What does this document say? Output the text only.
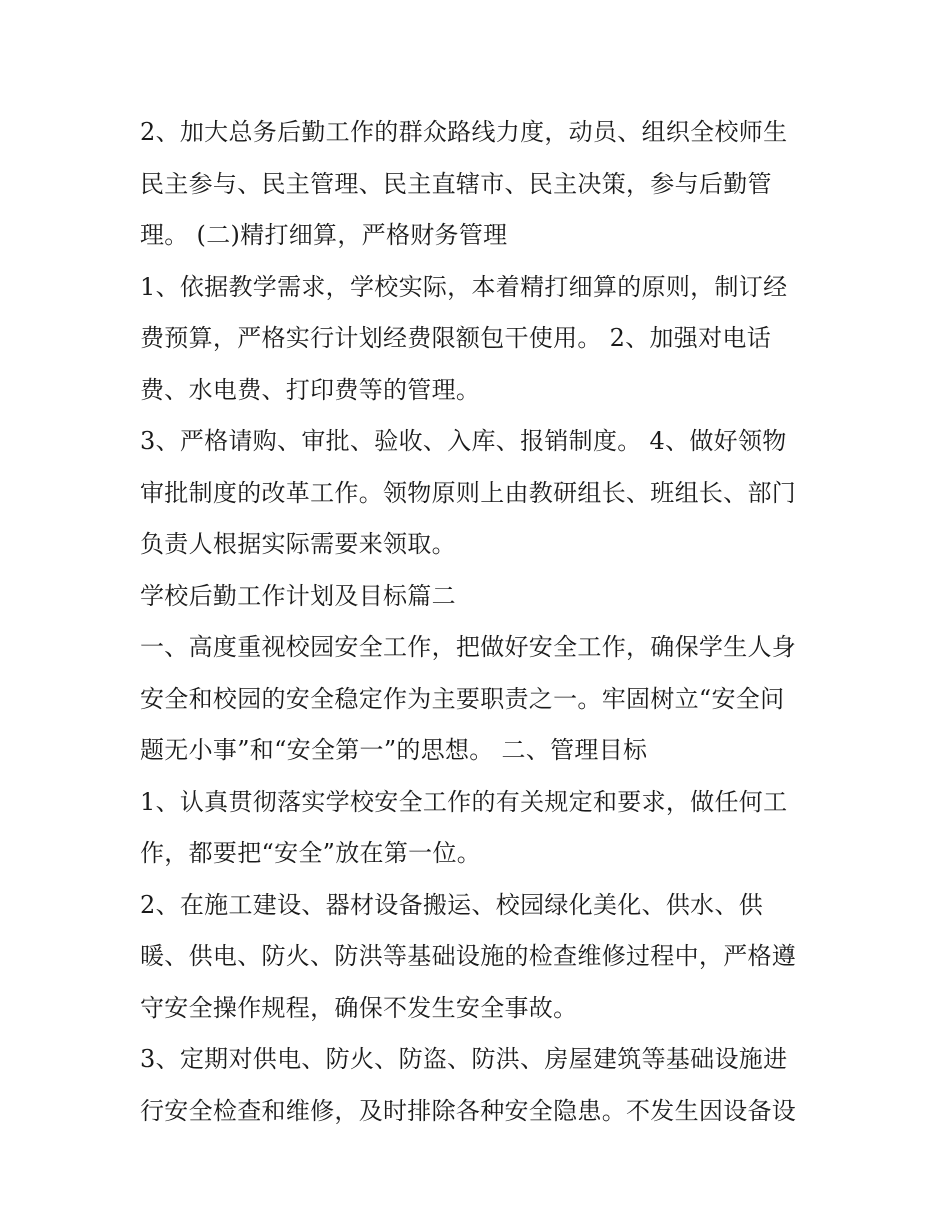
2、加大总务后勤工作的群众路线力度，动员、组织全校师生
民主参与、民主管理、民主直辖市、民主决策，参与后勤管
理。 (二)精打细算，严格财务管理

1、依据教学需求，学校实际，本着精打细算的原则，制订经
费预算，严格实行计划经费限额包干使用。 2、加强对电话
费、水电费、打印费等的管理。

3、严格请购、审批、验收、入库、报销制度。 4、做好领物
审批制度的改革工作。领物原则上由教研组长、班组长、部门
负责人根据实际需要来领取。

学校后勤工作计划及目标篇二

一、高度重视校园安全工作，把做好安全工作，确保学生人身
安全和校园的安全稳定作为主要职责之一。牢固树立“安全问
题无小事”和“安全第一”的思想。 二、管理目标

1、认真贯彻落实学校安全工作的有关规定和要求，做任何工
作，都要把“安全”放在第一位。

2、在施工建设、器材设备搬运、校园绿化美化、供水、供
暖、供电、防火、防洪等基础设施的检查维修过程中，严格遵
守安全操作规程，确保不发生安全事故。

3、定期对供电、防火、防盗、防洪、房屋建筑等基础设施进
行安全检查和维修，及时排除各种安全隐患。不发生因设备设
